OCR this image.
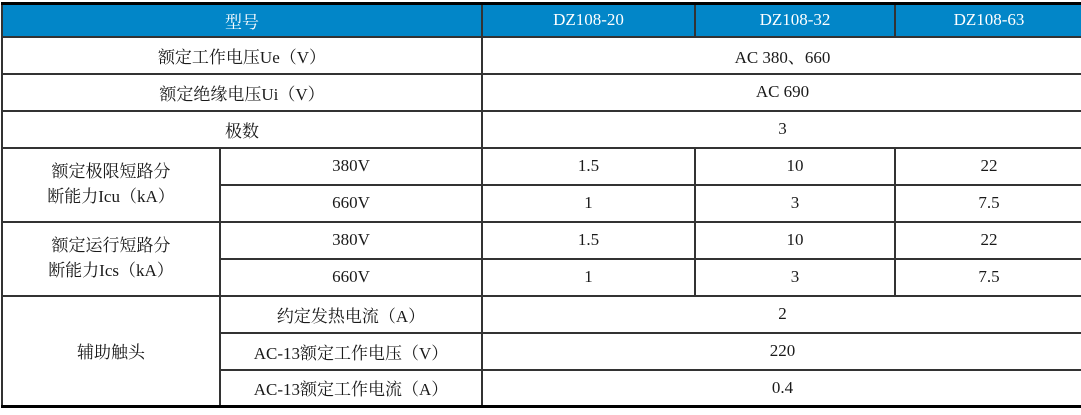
型号		DZ108-20	DZ108-32	DZ108-63
额定工作电压Ue（V）		AC 380、660		
额定绝缘电压Ui（V）		AC 690		
极数		3		

额定极限短路分
断能力Icu（kA）	380V	1.5	10	22
	660V	1	3	7.5

额定运行短路分
断能力Ics（kA）	380V	1.5	10	22
	660V	1	3	7.5
辅助触头	约定发热电流（A）	2		
	AC-13额定工作电压（V）	220		
	AC-13额定工作电流（A）	0.4		
